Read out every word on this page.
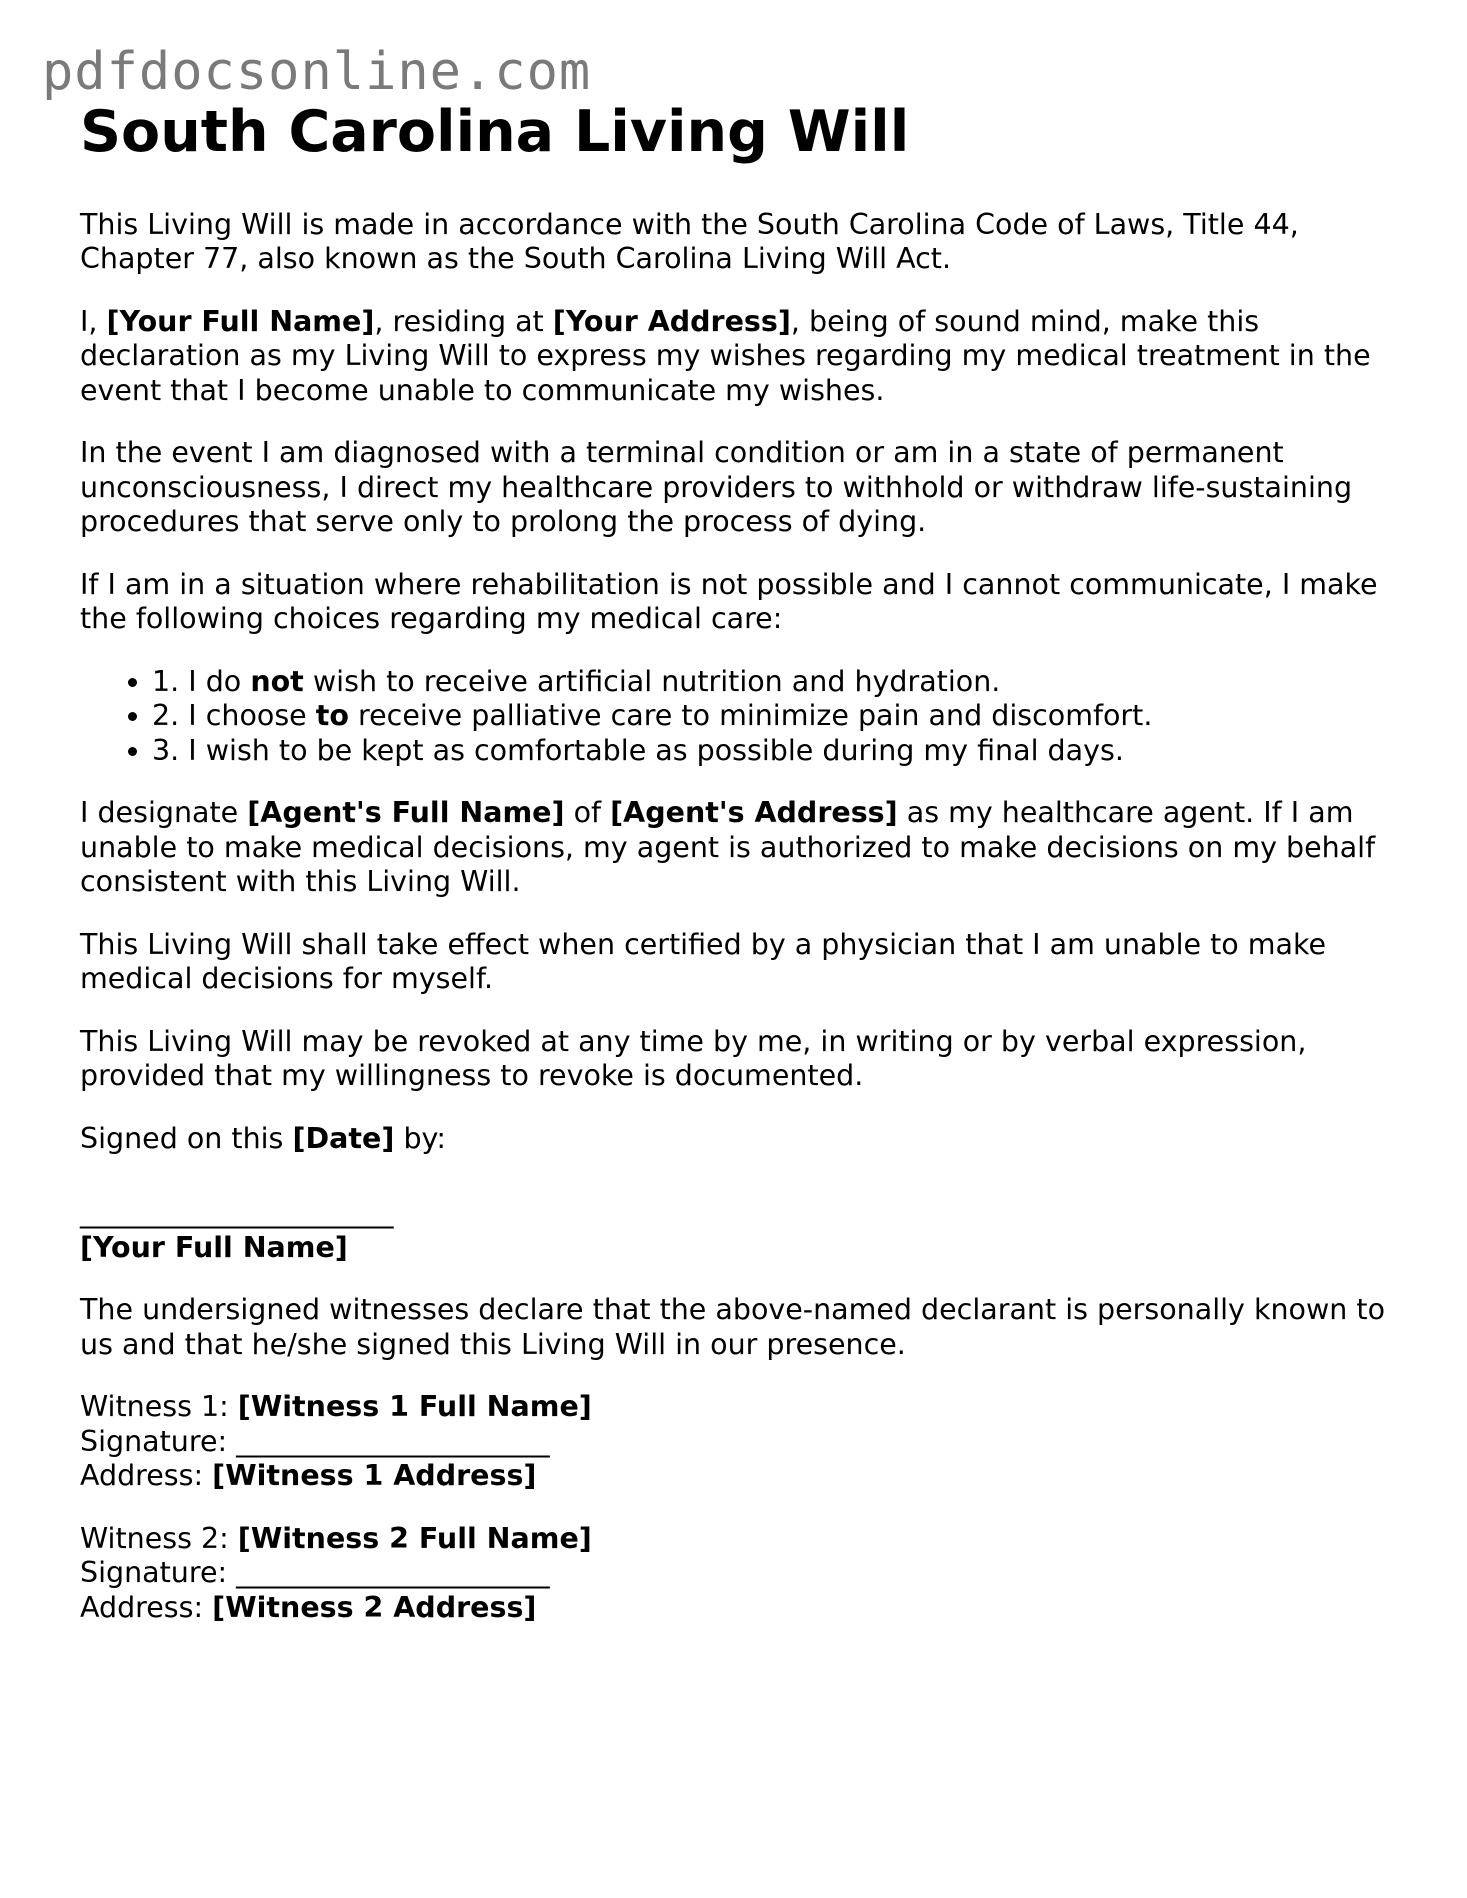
pdfdocsonline.com
South Carolina Living Will

This Living Will is made in accordance with the South Carolina Code of Laws, Title 44, Chapter 77, also known as the South Carolina Living Will Act.

I, [Your Full Name], residing at [Your Address], being of sound mind, make this declaration as my Living Will to express my wishes regarding my medical treatment in the event that I become unable to communicate my wishes.

In the event I am diagnosed with a terminal condition or am in a state of permanent unconsciousness, I direct my healthcare providers to withhold or withdraw life-sustaining procedures that serve only to prolong the process of dying.

If I am in a situation where rehabilitation is not possible and I cannot communicate, I make the following choices regarding my medical care:

• 1. I do not wish to receive artificial nutrition and hydration.
• 2. I choose to receive palliative care to minimize pain and discomfort.
• 3. I wish to be kept as comfortable as possible during my final days.

I designate [Agent's Full Name] of [Agent's Address] as my healthcare agent. If I am unable to make medical decisions, my agent is authorized to make decisions on my behalf consistent with this Living Will.

This Living Will shall take effect when certified by a physician that I am unable to make medical decisions for myself.

This Living Will may be revoked at any time by me, in writing or by verbal expression, provided that my willingness to revoke is documented.

Signed on this [Date] by:

______________________
[Your Full Name]

The undersigned witnesses declare that the above-named declarant is personally known to us and that he/she signed this Living Will in our presence.

Witness 1: [Witness 1 Full Name]
Signature: ______________________
Address: [Witness 1 Address]

Witness 2: [Witness 2 Full Name]
Signature: ______________________
Address: [Witness 2 Address]
